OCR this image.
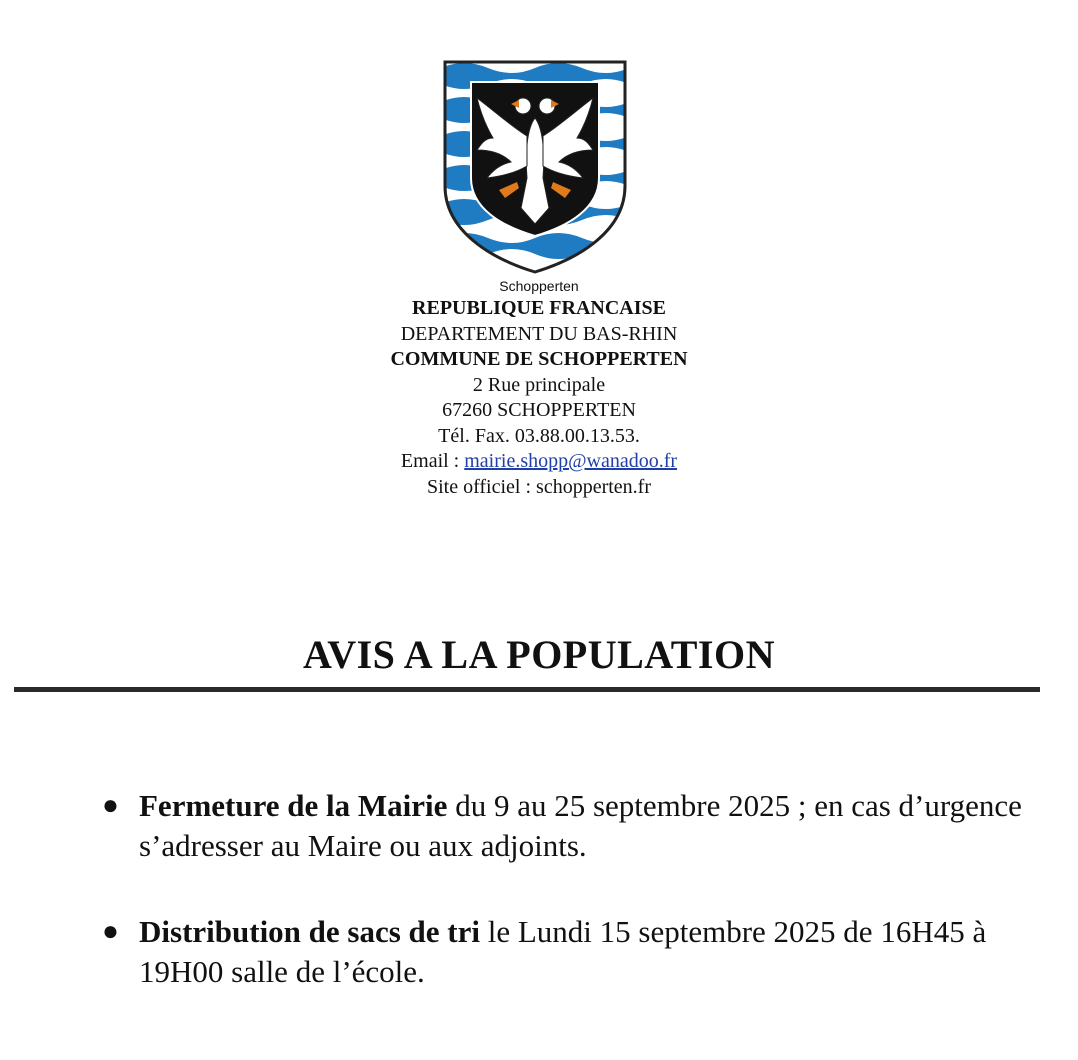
Schopperten
REPUBLIQUE FRANCAISE
DEPARTEMENT DU BAS-RHIN
COMMUNE DE SCHOPPERTEN
2 Rue principale
67260 SCHOPPERTEN
Tél. Fax. 03.88.00.13.53.
Email : mairie.shopp@wanadoo.fr
Site officiel : schopperten.fr
AVIS A LA POPULATION
● Fermeture de la Mairie du 9 au 25 septembre 2025 ; en cas d’urgence s’adresser au Maire ou aux adjoints.
● Distribution de sacs de tri le Lundi 15 septembre 2025 de 16H45 à 19H00 salle de l’école.
